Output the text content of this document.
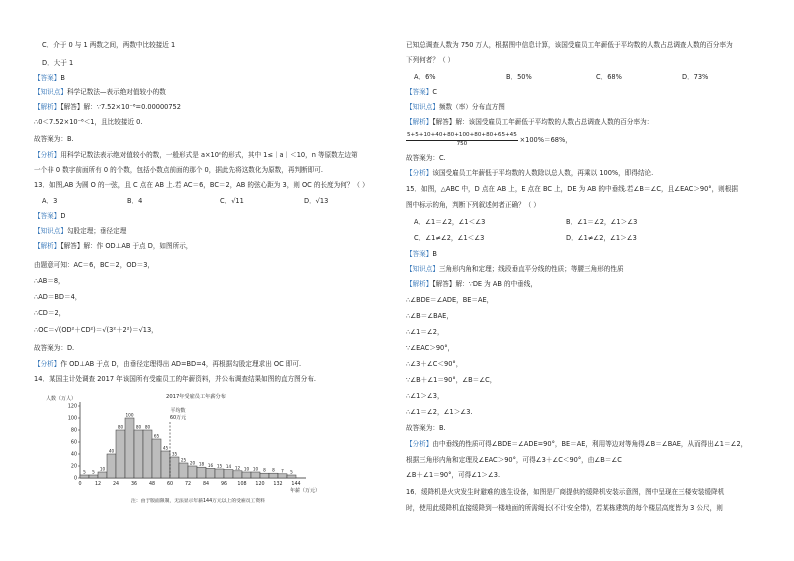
C．介于 0 与 1 两数之间，两数中比较接近 1
D．大于 1
【答案】B
【知识点】科学记数法—表示绝对值较小的数
【解析】【解答】解：∵7.52×10⁻⁶=0.00000752
∴0＜7.52×10⁻⁶＜1，且比较接近 0.
故答案为：B.
【分析】用科学记数法表示绝对值较小的数，一般形式是 a×10ⁿ的形式，其中 1≤｜a｜＜10，n 等原数左边第
一个非 0 数字前面所有 0 的个数，包括小数点前面的那个 0，据此先将这数化为原数，再判断即可.
13．如图,AB 为圆 O 的一弦，且 C 点在 AB 上.若 AC＝6，BC＝2，AB 的弦心距为 3，则 OC 的长度为何？（ ）
A．3	B．4	C．√11	D．√13
【答案】D
【知识点】勾股定理；垂径定理
【解析】【解答】解：作 OD⊥AB 于点 D，如图所示，
由题意可知：AC＝6，BC＝2，OD＝3，
∴AB＝8，
∴AD＝BD＝4，
∴CD＝2，
∴OC＝√(OD²＋CD²)＝√(3²＋2²)＝√13，
故答案为：D.
【分析】作 OD⊥AB 于点 D，由垂径定理得出 AD=BD=4，再根据勾股定理求出 OC 即可.
14．某国主计处调查 2017 年该国所有受雇员工的年薪资料，并公布调查结果如图的直方图分布.
2017年受雇员工年薪分布
人数（万人）
0
20
40
60
80
100
120
5 5
10
40
80
100
80 80
65
45
35
25
20 18 16 15 14 12 10 10 8 8 7 5
0	12 24 36 48 60 72 84 96 108 120 132 144
年薪（万元）
平均数
60万元
注：由于版面限制，无法显示年薪144万元以上的受雇员工资料
已知总调查人数为 750 万人，根据图中信息计算，该国受雇员工年薪低于平均数的人数占总调查人数的百分率为
下列何者？（ ）
A．6%	B．50%	C．68%	D．73%
【答案】C
【知识点】频数（率）分布直方图
【解析】【解答】解：该国受雇员工年薪低于平均数的人数占总调查人数的百分率为：
$\frac{5+5+10+40+80+100+80+80+65+45}{750} \times 100\%=68\%$，
故答案为：C.
【分析】该国受雇员工年薪低于平均数的人数除以总人数，再乘以 100%，即得结论.
15．如图，△ABC 中，D 点在 AB 上，E 点在 BC 上，DE 为 AB 的中垂线.若∠B＝∠C，且∠EAC＞90°，则根据
图中标示的角，判断下列叙述何者正确？（ ）
A．∠1＝∠2，∠1＜∠3	B．∠1＝∠2，∠1＞∠3
C．∠1≠∠2，∠1＜∠3	D．∠1≠∠2，∠1＞∠3
【答案】B
【知识点】三角形内角和定理；线段垂直平分线的性质；等腰三角形的性质
【解析】【解答】解：∵DE 为 AB 的中垂线，
∴∠BDE＝∠ADE，BE＝AE，
∴∠B＝∠BAE，
∴∠1＝∠2，
∵∠EAC＞90°，
∴∠3＋∠C＜90°，
∵∠B＋∠1＝90°，∠B＝∠C，
∴∠1＞∠3，
∴∠1＝∠2，∠1＞∠3.
故答案为：B.
【分析】由中垂线的性质可得∠BDE＝∠ADE=90°，BE＝AE，利用等边对等角得∠B＝∠BAE，从而得出∠1＝∠2，
根据三角形内角和定理及∠EAC＞90°，可得∠3＋∠C＜90°，由∠B＝∠C
∠B＋∠1＝90°，可得∠1＞∠3.
16．缓降机是火灾发生时避难的逃生设备，如图是厂商提供的缓降机安装示意图，图中呈现在三楼安装缓降机
时，使用此缓降机直接缓降到一楼地面的所需绳长(不计安全带)，若某栋建筑的每个楼层高度皆为 3 公尺，则
